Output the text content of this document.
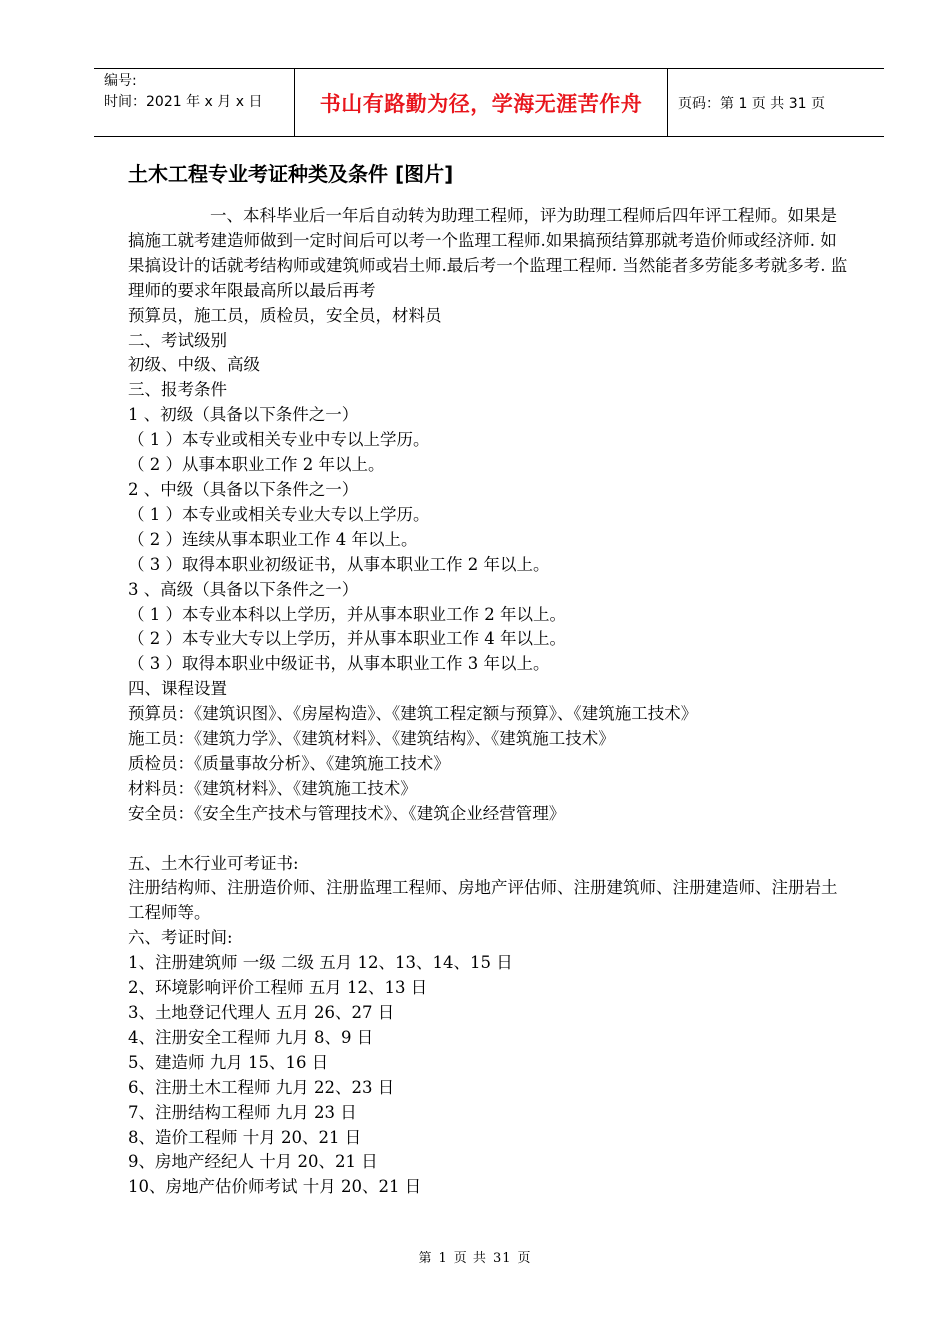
编号:
时间：2021 年 x 月 x 日	书山有路勤为径，学海无涯苦作舟	页码：第 1 页 共 31 页
土木工程专业考证种类及条件 [图片]

一、本科毕业后一年后自动转为助理工程师，评为助理工程师后四年评工程师。如果是搞施工就考建造师做到一定时间后可以考一个监理工程师.如果搞预结算那就考造价师或经济师. 如果搞设计的话就考结构师或建筑师或岩土师.最后考一个监理工程师. 当然能者多劳能多考就多考. 监理师的要求年限最高所以最后再考

预算员，施工员，质检员，安全员，材料员

二、考试级别

初级、中级、高级

三、报考条件

1 、初级（具备以下条件之一）

（ 1 ）本专业或相关专业中专以上学历。

（ 2 ）从事本职业工作 2 年以上。

2 、中级（具备以下条件之一）

（ 1 ）本专业或相关专业大专以上学历。

（ 2 ）连续从事本职业工作 4 年以上。

（ 3 ）取得本职业初级证书，从事本职业工作 2 年以上。

3 、高级（具备以下条件之一）

（ 1 ）本专业本科以上学历，并从事本职业工作 2 年以上。

（ 2 ）本专业大专以上学历，并从事本职业工作 4 年以上。

（ 3 ）取得本职业中级证书，从事本职业工作 3 年以上。

四、课程设置

预算员：《建筑识图》、《房屋构造》、《建筑工程定额与预算》、《建筑施工技术》

施工员：《建筑力学》、《建筑材料》、《建筑结构》、《建筑施工技术》

质检员：《质量事故分析》、《建筑施工技术》

材料员：《建筑材料》、《建筑施工技术》

安全员：《安全生产技术与管理技术》、《建筑企业经营管理》

五、土木行业可考证书:

注册结构师、注册造价师、注册监理工程师、房地产评估师、注册建筑师、注册建造师、注册岩土工程师等。

六、考证时间:

1、注册建筑师 一级 二级 五月 12、13、14、15 日

2、环境影响评价工程师 五月 12、13 日

3、土地登记代理人 五月 26、27 日

4、注册安全工程师 九月 8、9 日

5、建造师 九月 15、16 日

6、注册土木工程师 九月 22、23 日

7、注册结构工程师 九月 23 日

8、造价工程师 十月 20、21 日

9、房地产经纪人 十月 20、21 日

10、房地产估价师考试 十月 20、21 日

第 1 页 共 31 页
